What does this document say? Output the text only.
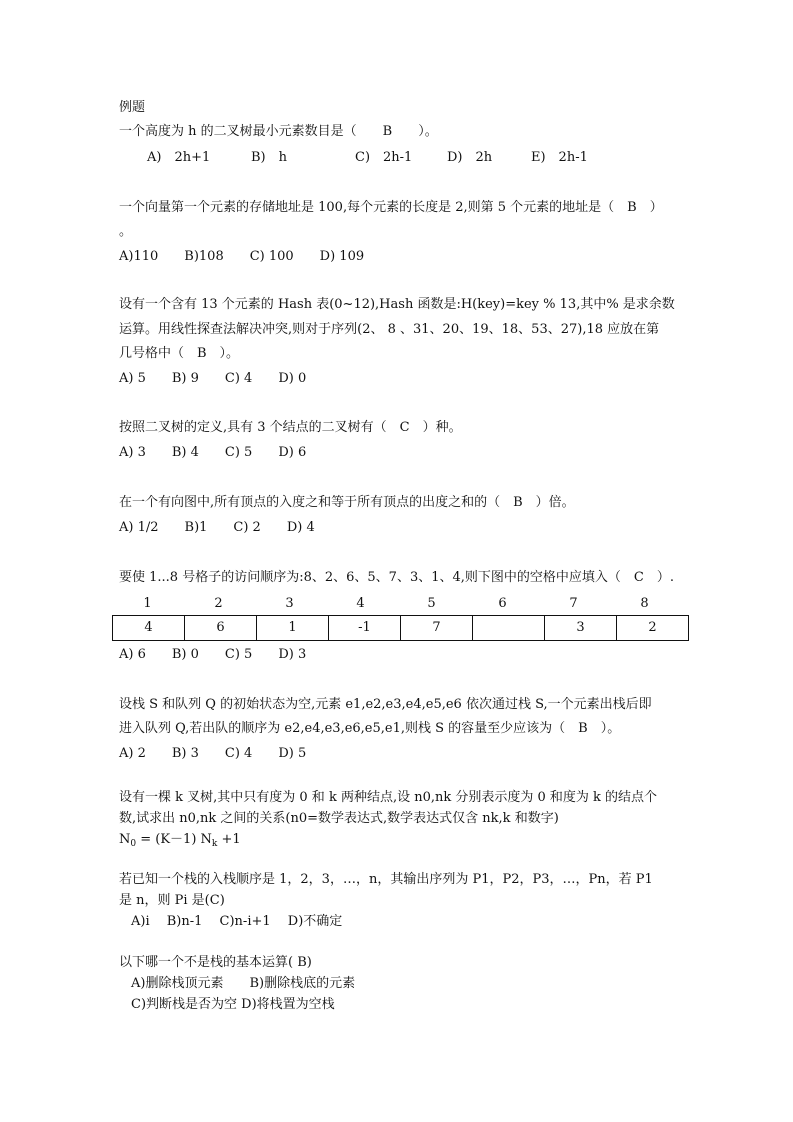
例题
一个高度为 h 的二叉树最小元素数目是（　　B　　）。
A)　2h+1	B)　h	C)　2h-1	D)　2h	E)　2h-1
一个向量第一个元素的存储地址是 100,每个元素的长度是 2,则第 5 个元素的地址是（　B　）
。
A)110　　B)108　　C) 100　　D) 109
设有一个含有 13 个元素的 Hash 表(0~12),Hash 函数是:H(key)=key % 13,其中% 是求余数
运算。用线性探查法解决冲突,则对于序列(2、 8 、31、20、19、18、53、27),18 应放在第
几号格中（　B　）。
A) 5　　B) 9　　C) 4　　D) 0
按照二叉树的定义,具有 3 个结点的二叉树有（　C　）种。
A) 3　　B) 4　　C) 5　　D) 6
在一个有向图中,所有顶点的入度之和等于所有顶点的出度之和的（　B　）倍。
A) 1/2　　B)1　　C) 2　　D) 4
要使 1...8 号格子的访问顺序为:8、2、6、5、7、3、1、4,则下图中的空格中应填入（　C　）.
1	2	3	4	5	6	7	8
4	6	1	-1	7		3	2
A) 6　　B) 0　　C) 5　　D) 3
设栈 S 和队列 Q 的初始状态为空,元素 e1,e2,e3,e4,e5,e6 依次通过栈 S,一个元素出栈后即
进入队列 Q,若出队的顺序为 e2,e4,e3,e6,e5,e1,则栈 S 的容量至少应该为（　B　）。
A) 2　　B) 3　　C) 4　　D) 5
设有一棵 k 叉树,其中只有度为 0 和 k 两种结点,设 n0,nk 分别表示度为 0 和度为 k 的结点个
数,试求出 n0,nk 之间的关系(n0=数学表达式,数学表达式仅含 nk,k 和数字)
$N_0 = (K-1)$ $N_k +1$
若已知一个栈的入栈顺序是 1，2，3，…，n，其输出序列为 P1，P2，P3，…，Pn，若 P1
是 n，则 Pi 是(C)
A)i　 B)n-1　 C)n-i+1　 D)不确定
以下哪一个不是栈的基本运算( B)
A)删除栈顶元素　　B)删除栈底的元素
C)判断栈是否为空 D)将栈置为空栈
